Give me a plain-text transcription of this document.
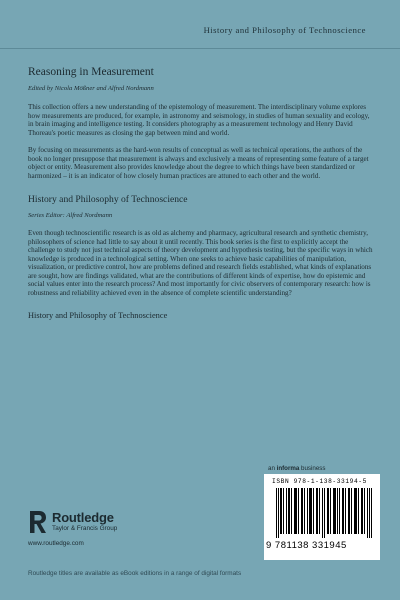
History and Philosophy of Technoscience
Reasoning in Measurement
Edited by Nicola Mößner and Alfred Nordmann

This collection offers a new understanding of the epistemology of measurement. The interdisciplinary volume explores how measurements are produced, for example, in astronomy and seismology, in studies of human sexuality and ecology, in brain imaging and intelligence testing. It considers photography as a measurement technology and Henry David Thoreau's poetic measures as closing the gap between mind and world.

By focusing on measurements as the hard-won results of conceptual as well as technical operations, the authors of the book no longer presuppose that measurement is always and exclusively a means of representing some feature of a target object or entity. Measurement also provides knowledge about the degree to which things have been standardized or harmonized – it is an indicator of how closely human practices are attuned to each other and the world.

History and Philosophy of Technoscience
Series Editor: Alfred Nordmann

Even though technoscientific research is as old as alchemy and pharmacy, agricultural research and synthetic chemistry, philosophers of science had little to say about it until recently. This book series is the first to explicitly accept the challenge to study not just technical aspects of theory development and hypothesis testing, but the specific ways in which knowledge is produced in a technological setting. When one seeks to achieve basic capabilities of manipulation, visualization, or predictive control, how are problems defined and research fields established, what kinds of explanations are sought, how are findings validated, what are the contributions of different kinds of expertise, how do epistemic and social values enter into the research process? And most importantly for civic observers of contemporary research: how is robustness and reliability achieved even in the absence of complete scientific understanding?

History and Philosophy of Technoscience
an informa business
Routledge
Taylor & Francis Group
www.routledge.com
Routledge titles are available as eBook editions in a range of digital formats
ISBN 978-1-138-33194-5
9 781138 331945
